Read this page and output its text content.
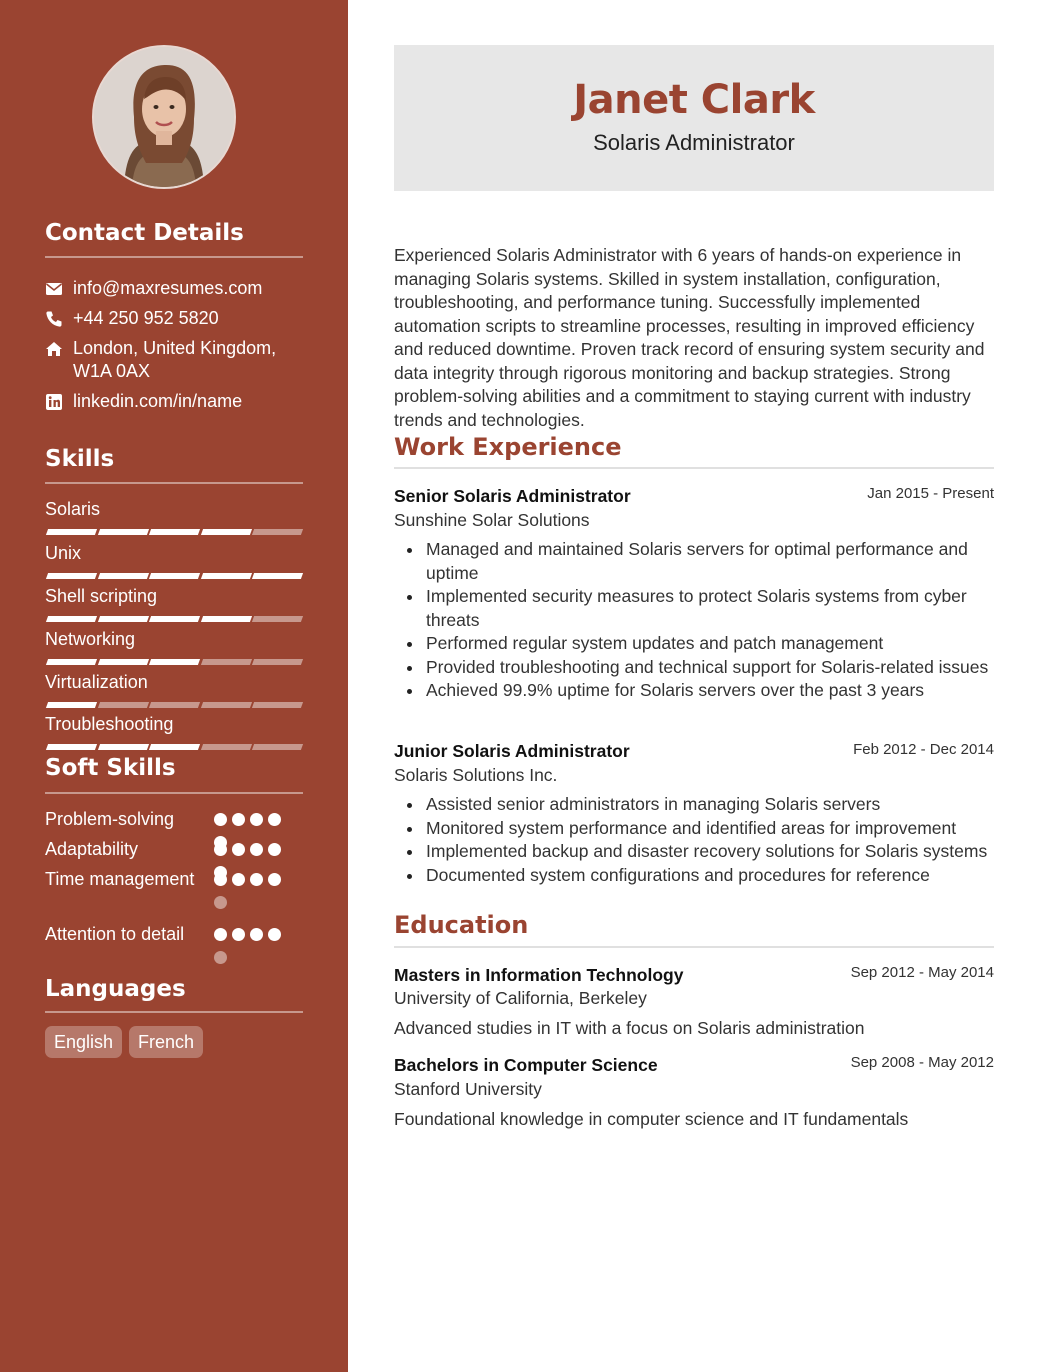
Contact Details
info@maxresumes.com
+44 250 952 5820
London, United Kingdom, W1A 0AX
linkedin.com/in/name
Skills
Solaris
Unix
Shell scripting
Networking
Virtualization
Troubleshooting
Soft Skills
Problem-solving
Adaptability
Time management
Attention to detail
Languages
English	French
Janet Clark
Solaris Administrator
Experienced Solaris Administrator with 6 years of hands-on experience in managing Solaris systems. Skilled in system installation, configuration, troubleshooting, and performance tuning. Successfully implemented automation scripts to streamline processes, resulting in improved efficiency and reduced downtime. Proven track record of ensuring system security and data integrity through rigorous monitoring and backup strategies. Strong problem-solving abilities and a commitment to staying current with industry trends and technologies.
Work Experience
Senior Solaris Administrator	Jan 2015 - Present
Sunshine Solar Solutions
Managed and maintained Solaris servers for optimal performance and uptime
Implemented security measures to protect Solaris systems from cyber threats
Performed regular system updates and patch management
Provided troubleshooting and technical support for Solaris-related issues
Achieved 99.9% uptime for Solaris servers over the past 3 years
Junior Solaris Administrator	Feb 2012 - Dec 2014
Solaris Solutions Inc.
Assisted senior administrators in managing Solaris servers
Monitored system performance and identified areas for improvement
Implemented backup and disaster recovery solutions for Solaris systems
Documented system configurations and procedures for reference
Education
Masters in Information Technology	Sep 2012 - May 2014
University of California, Berkeley
Advanced studies in IT with a focus on Solaris administration
Bachelors in Computer Science	Sep 2008 - May 2012
Stanford University
Foundational knowledge in computer science and IT fundamentals
